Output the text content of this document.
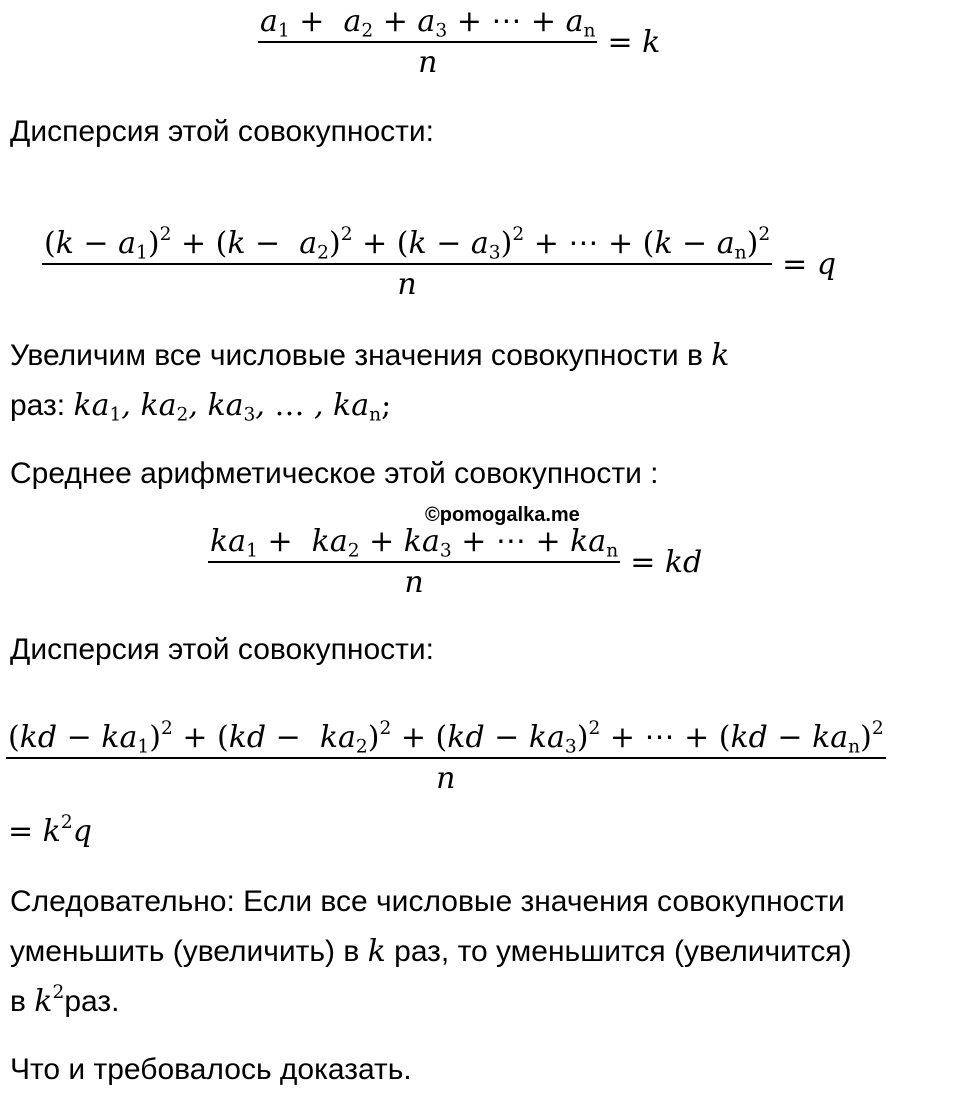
$\frac{a_1 + a_2 + a_3 + \cdots + a_n}{n} = k$
Дисперсия этой совокупности:
$\frac{(k - a_1)^2 + (k - a_2)^2 + (k - a_3)^2 + \cdots + (k - a_n)^2}{n} = q$
Увеличим все числовые значения совокупности в k
раз: $ka_1$, $ka_2$, $ka_3$, … , $ka_n$;
Среднее арифметическое этой совокупности :
©pomogalka.me
$\frac{ka_1 + ka_2 + ka_3 + \cdots + ka_n}{n}$ = kd
Дисперсия этой совокупности:
$\frac{(kd - ka_1)^2 + (kd - ka_2)^2 + (kd - ka_3)^2 + \cdots + (kd - ka_n)^2}{n}$
= $k^2q$
Следовательно: Если все числовые значения совокупности
уменьшить (увеличить) в k раз, то уменьшится (увеличится)
в $k^2раз$.
Что и требовалось доказать.
